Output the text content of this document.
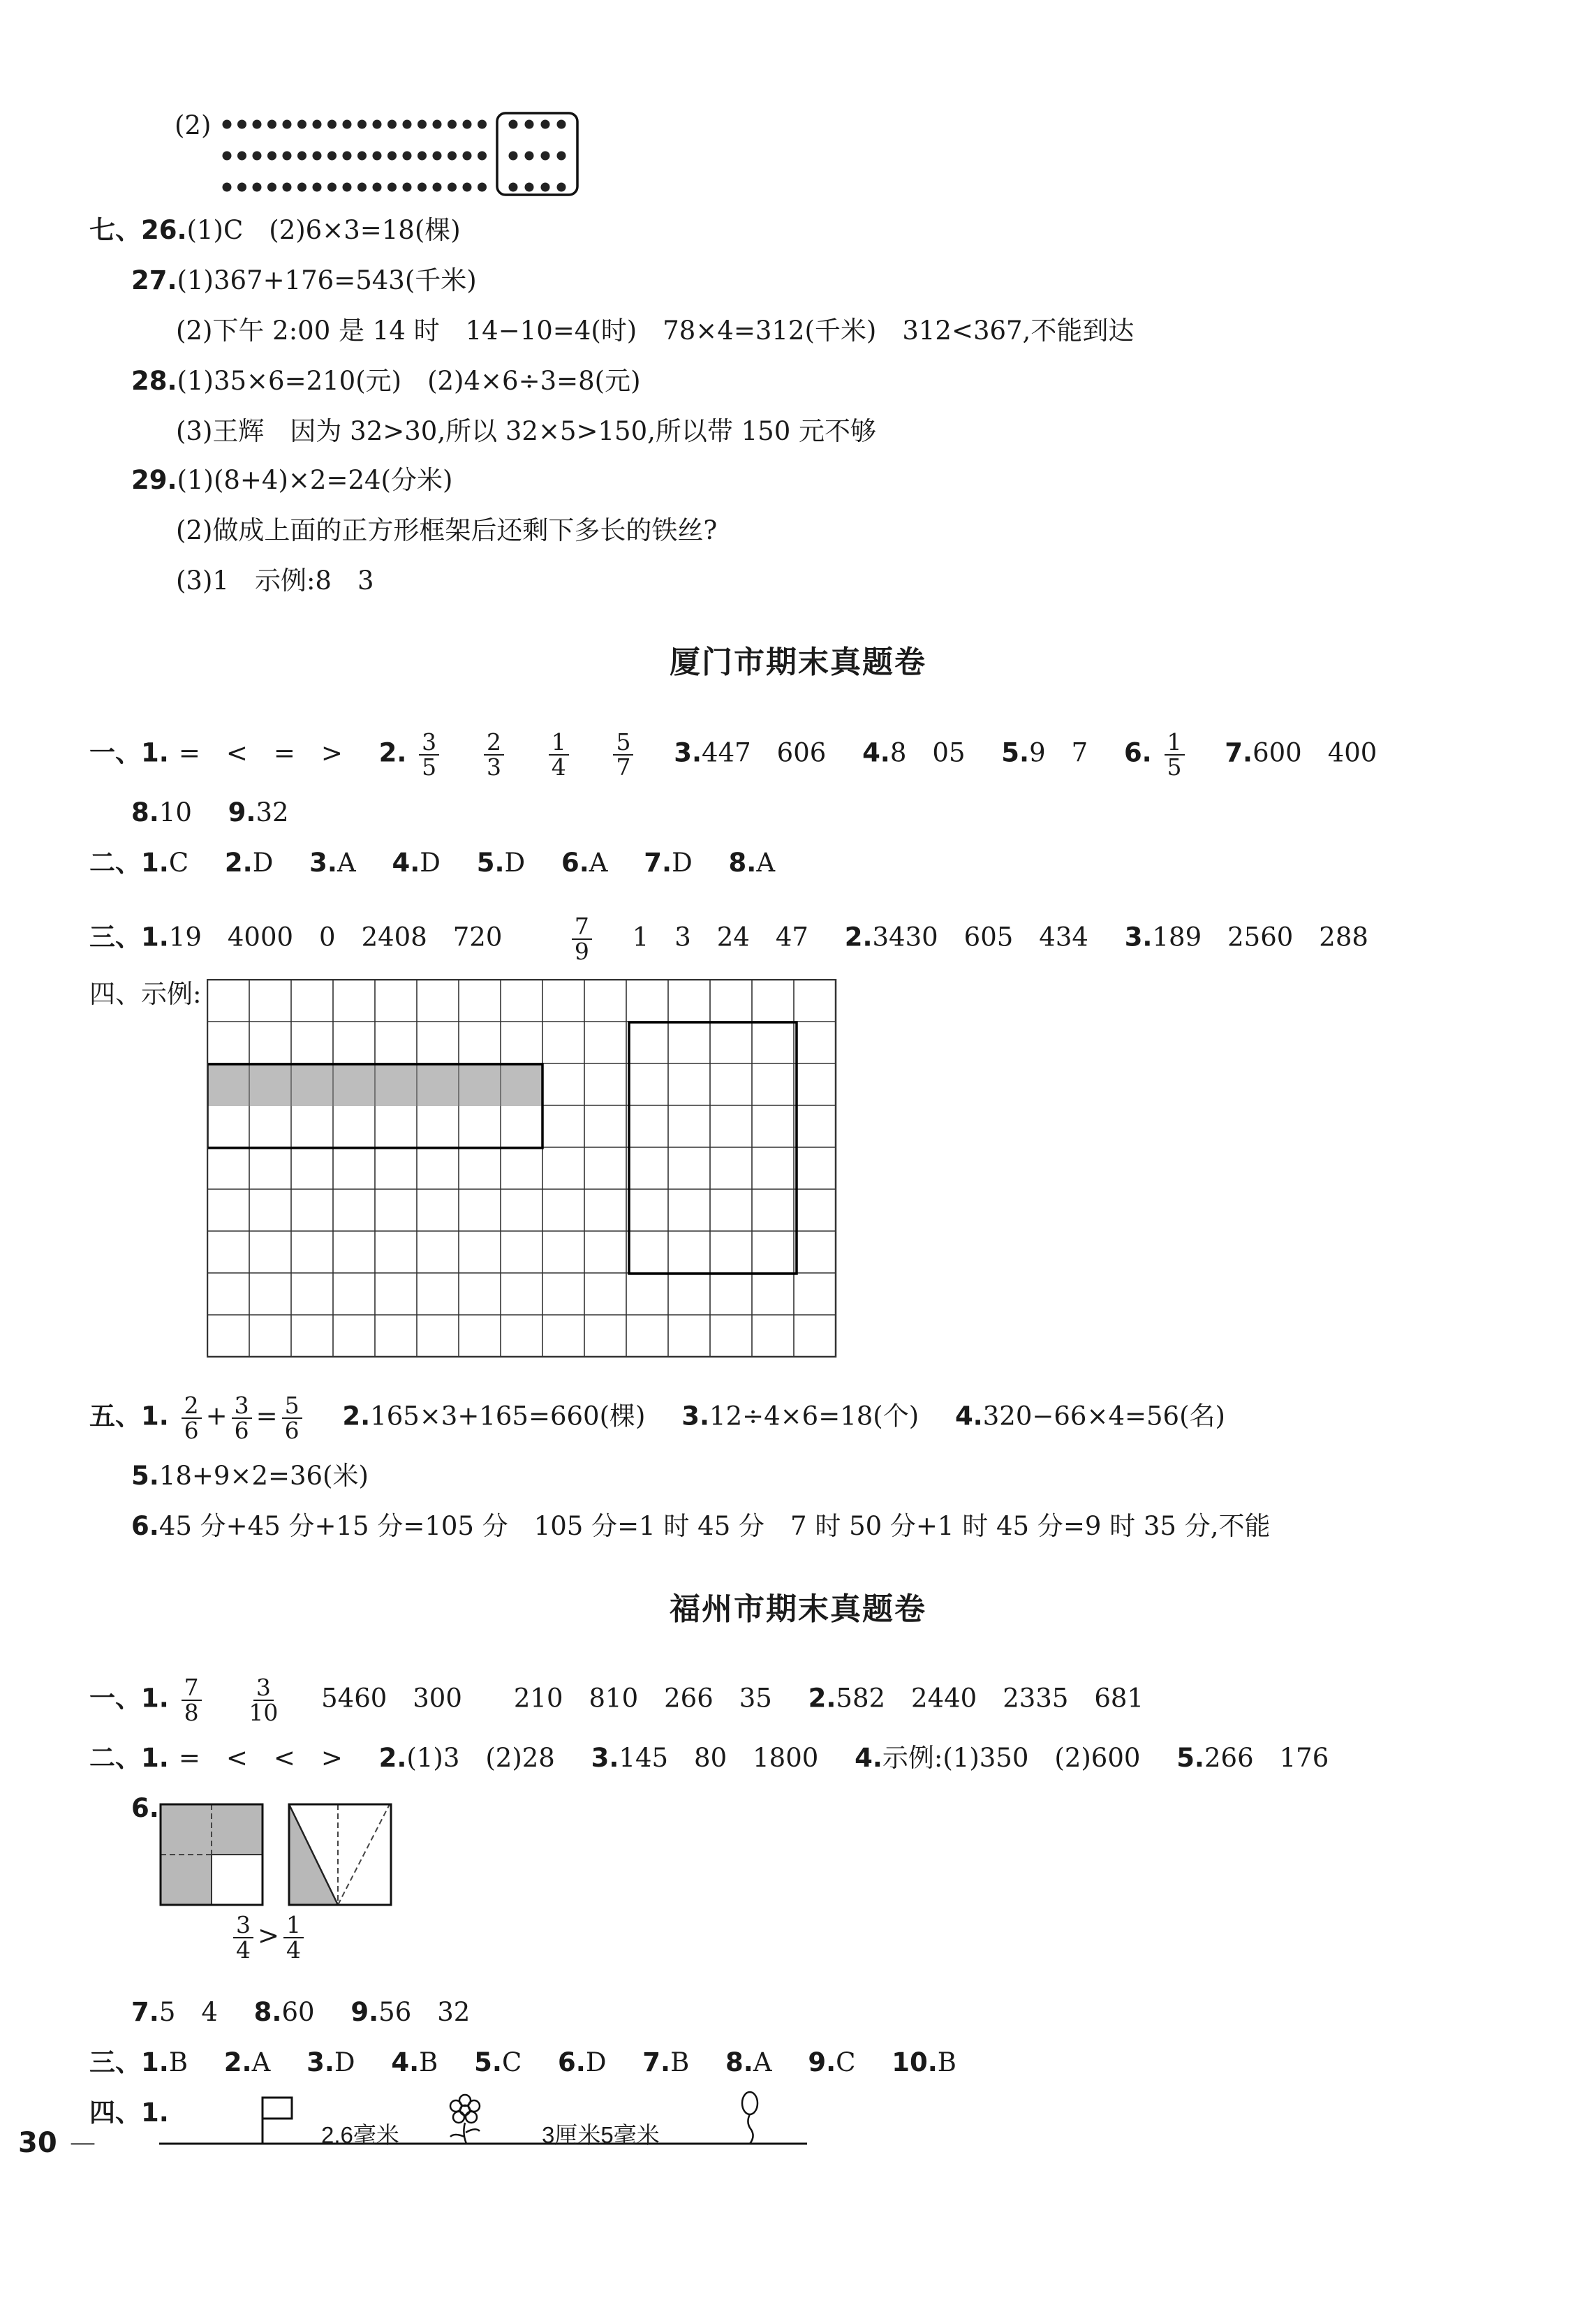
(2)
七、26.(1)C　(2)6×3=18(棵)
27.(1)367+176=543(千米)
(2)下午 2:00 是 14 时　14−10=4(时)　78×4=312(千米)　312<367,不能到达
28.(1)35×6=210(元)　(2)4×6÷3=8(元)
(3)王辉　因为 32>30,所以 32×5>150,所以带 150 元不够
29.(1)(8+4)×2=24(分米)
(2)做成上面的正方形框架后还剩下多长的铁丝?
(3)1　示例:8　3
厦门市期末真题卷
一、1. =　<　=　> 2. $\frac{3}{5}$
$\frac{2}{3}$
$\frac{1}{4}$
$\frac{5}{7} 3.447$　606 4.8　05 5.9　7 6. $\frac{1}{5} 7.600$　400
8.10 9.32
二、1.C 2.D 3.A 4.D 5.D 6.A 7.D 8.A
三、1.19　4000　0　2408　720	$\frac{7}{9} 1$　3　24　47 2.3430　605　434 3.189　2560　288
四、示例:
五、1. $\frac{2}{6} + \frac{3}{6} = \frac{5}{6} 2.165\times 3+165=660$(棵) 3.12÷4×6=18(个) 4.320−66×4=56(名)
5.18+9×2=36(米)
6.45 分+45 分+15 分=105 分　105 分=1 时 45 分　7 时 50 分+1 时 45 分=9 时 35 分,不能
福州市期末真题卷
一、1. $\frac{7}{8}$
$\frac{3}{10} 5460$　300　　210　810　266　35 2.582　2440　2335　681
二、1. =　<　<　> 2.(1)3　(2)28 3.145　80　1800 4.示例:(1)350　(2)600 5.266　176
6.
$\frac{3}{4} > \frac{1}{4}$
7.5　4 8.60 9.56　32
三、1.B 2.A 3.D 4.B 5.C 6.D 7.B 8.A 9.C 10.B
四、1.
2.6毫米	3厘米5毫米
30 —
